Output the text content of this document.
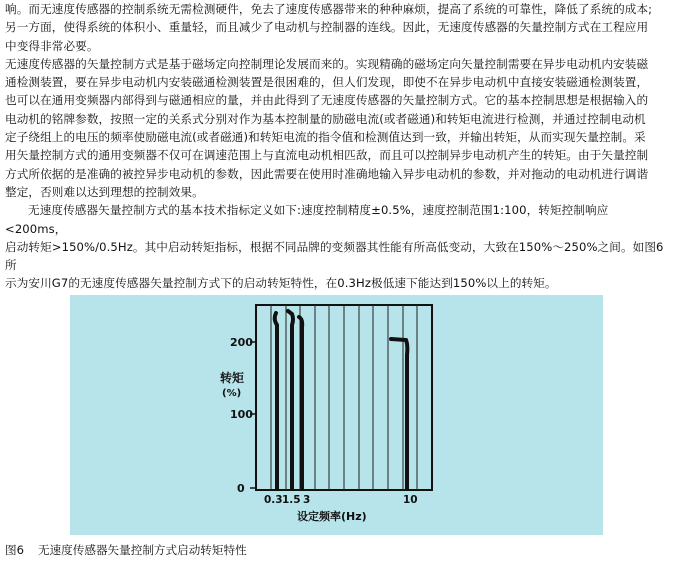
响。而无速度传感器的控制系统无需检测硬件，免去了速度传感器带来的种种麻烦，提高了系统的可靠性，降低了系统的成本;

另一方面，使得系统的体积小、重量轻，而且减少了电动机与控制器的连线。因此，无速度传感器的矢量控制方式在工程应用

中变得非常必要。

无速度传感器的矢量控制方式是基于磁场定向控制理论发展而来的。实现精确的磁场定向矢量控制需要在异步电动机内安装磁

通检测装置，要在异步电动机内安装磁通检测装置是很困难的，但人们发现，即使不在异步电动机中直接安装磁通检测装置，

也可以在通用变频器内部得到与磁通相应的量，并由此得到了无速度传感器的矢量控制方式。它的基本控制思想是根据输入的

电动机的铭牌参数，按照一定的关系式分别对作为基本控制量的励磁电流(或者磁通)和转矩电流进行检测，并通过控制电动机

定子绕组上的电压的频率使励磁电流(或者磁通)和转矩电流的指令值和检测值达到一致，并输出转矩，从而实现矢量控制。采

用矢量控制方式的通用变频器不仅可在调速范围上与直流电动机相匹敌，而且可以控制异步电动机产生的转矩。由于矢量控制

方式所依据的是准确的被控异步电动机的参数，因此需要在使用时准确地输入异步电动机的参数，并对拖动的电动机进行调谐

整定，否则难以达到理想的控制效果。

无速度传感器矢量控制方式的基本技术指标定义如下:速度控制精度±0.5%，速度控制范围1:100，转矩控制响应<200ms，

启动转矩>150%/0.5Hz。其中启动转矩指标，根据不同品牌的变频器其性能有所高低变动，大致在150%～250%之间。如图6所

示为安川G7的无速度传感器矢量控制方式下的启动转矩特性，在0.3Hz极低速下能达到150%以上的转矩。

200
100
0
转矩
(%)
0.3 1.5 3	10
设定频率(Hz)
图6 无速度传感器矢量控制方式启动转矩特性
